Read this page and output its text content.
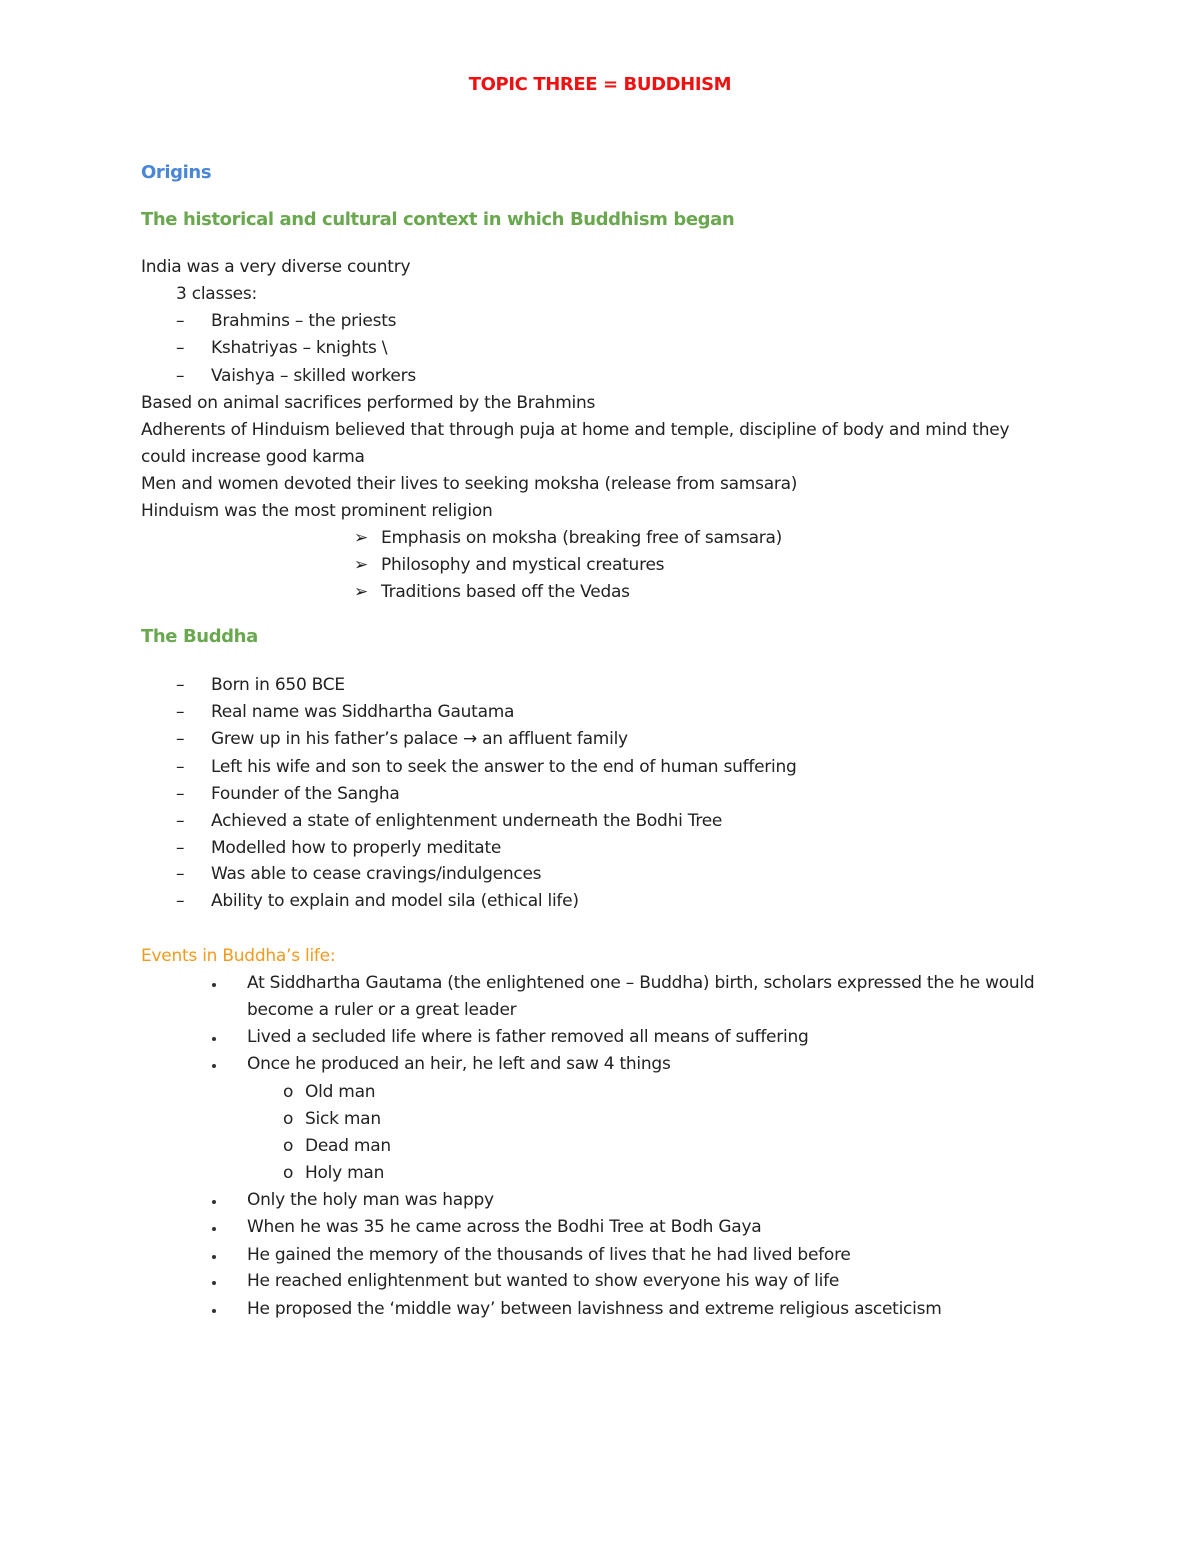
TOPIC THREE = BUDDHISM
Origins
The historical and cultural context in which Buddhism began
India was a very diverse country
3 classes:
– Brahmins – the priests
– Kshatriyas – knights \
– Vaishya – skilled workers
Based on animal sacrifices performed by the Brahmins
Adherents of Hinduism believed that through puja at home and temple, discipline of body and mind they
could increase good karma
Men and women devoted their lives to seeking moksha (release from samsara)
Hinduism was the most prominent religion
➢ Emphasis on moksha (breaking free of samsara)
➢ Philosophy and mystical creatures
➢ Traditions based off the Vedas
The Buddha
– Born in 650 BCE
– Real name was Siddhartha Gautama
– Grew up in his father’s palace → an affluent family
– Left his wife and son to seek the answer to the end of human suffering
– Founder of the Sangha
– Achieved a state of enlightenment underneath the Bodhi Tree
– Modelled how to properly meditate
– Was able to cease cravings/indulgences
– Ability to explain and model sila (ethical life)
Events in Buddha’s life:
At Siddhartha Gautama (the enlightened one – Buddha) birth, scholars expressed the he would
become a ruler or a great leader
Lived a secluded life where is father removed all means of suffering
Once he produced an heir, he left and saw 4 things
o Old man
o Sick man
o Dead man
o Holy man
Only the holy man was happy
When he was 35 he came across the Bodhi Tree at Bodh Gaya
He gained the memory of the thousands of lives that he had lived before
He reached enlightenment but wanted to show everyone his way of life
He proposed the ‘middle way’ between lavishness and extreme religious asceticism
